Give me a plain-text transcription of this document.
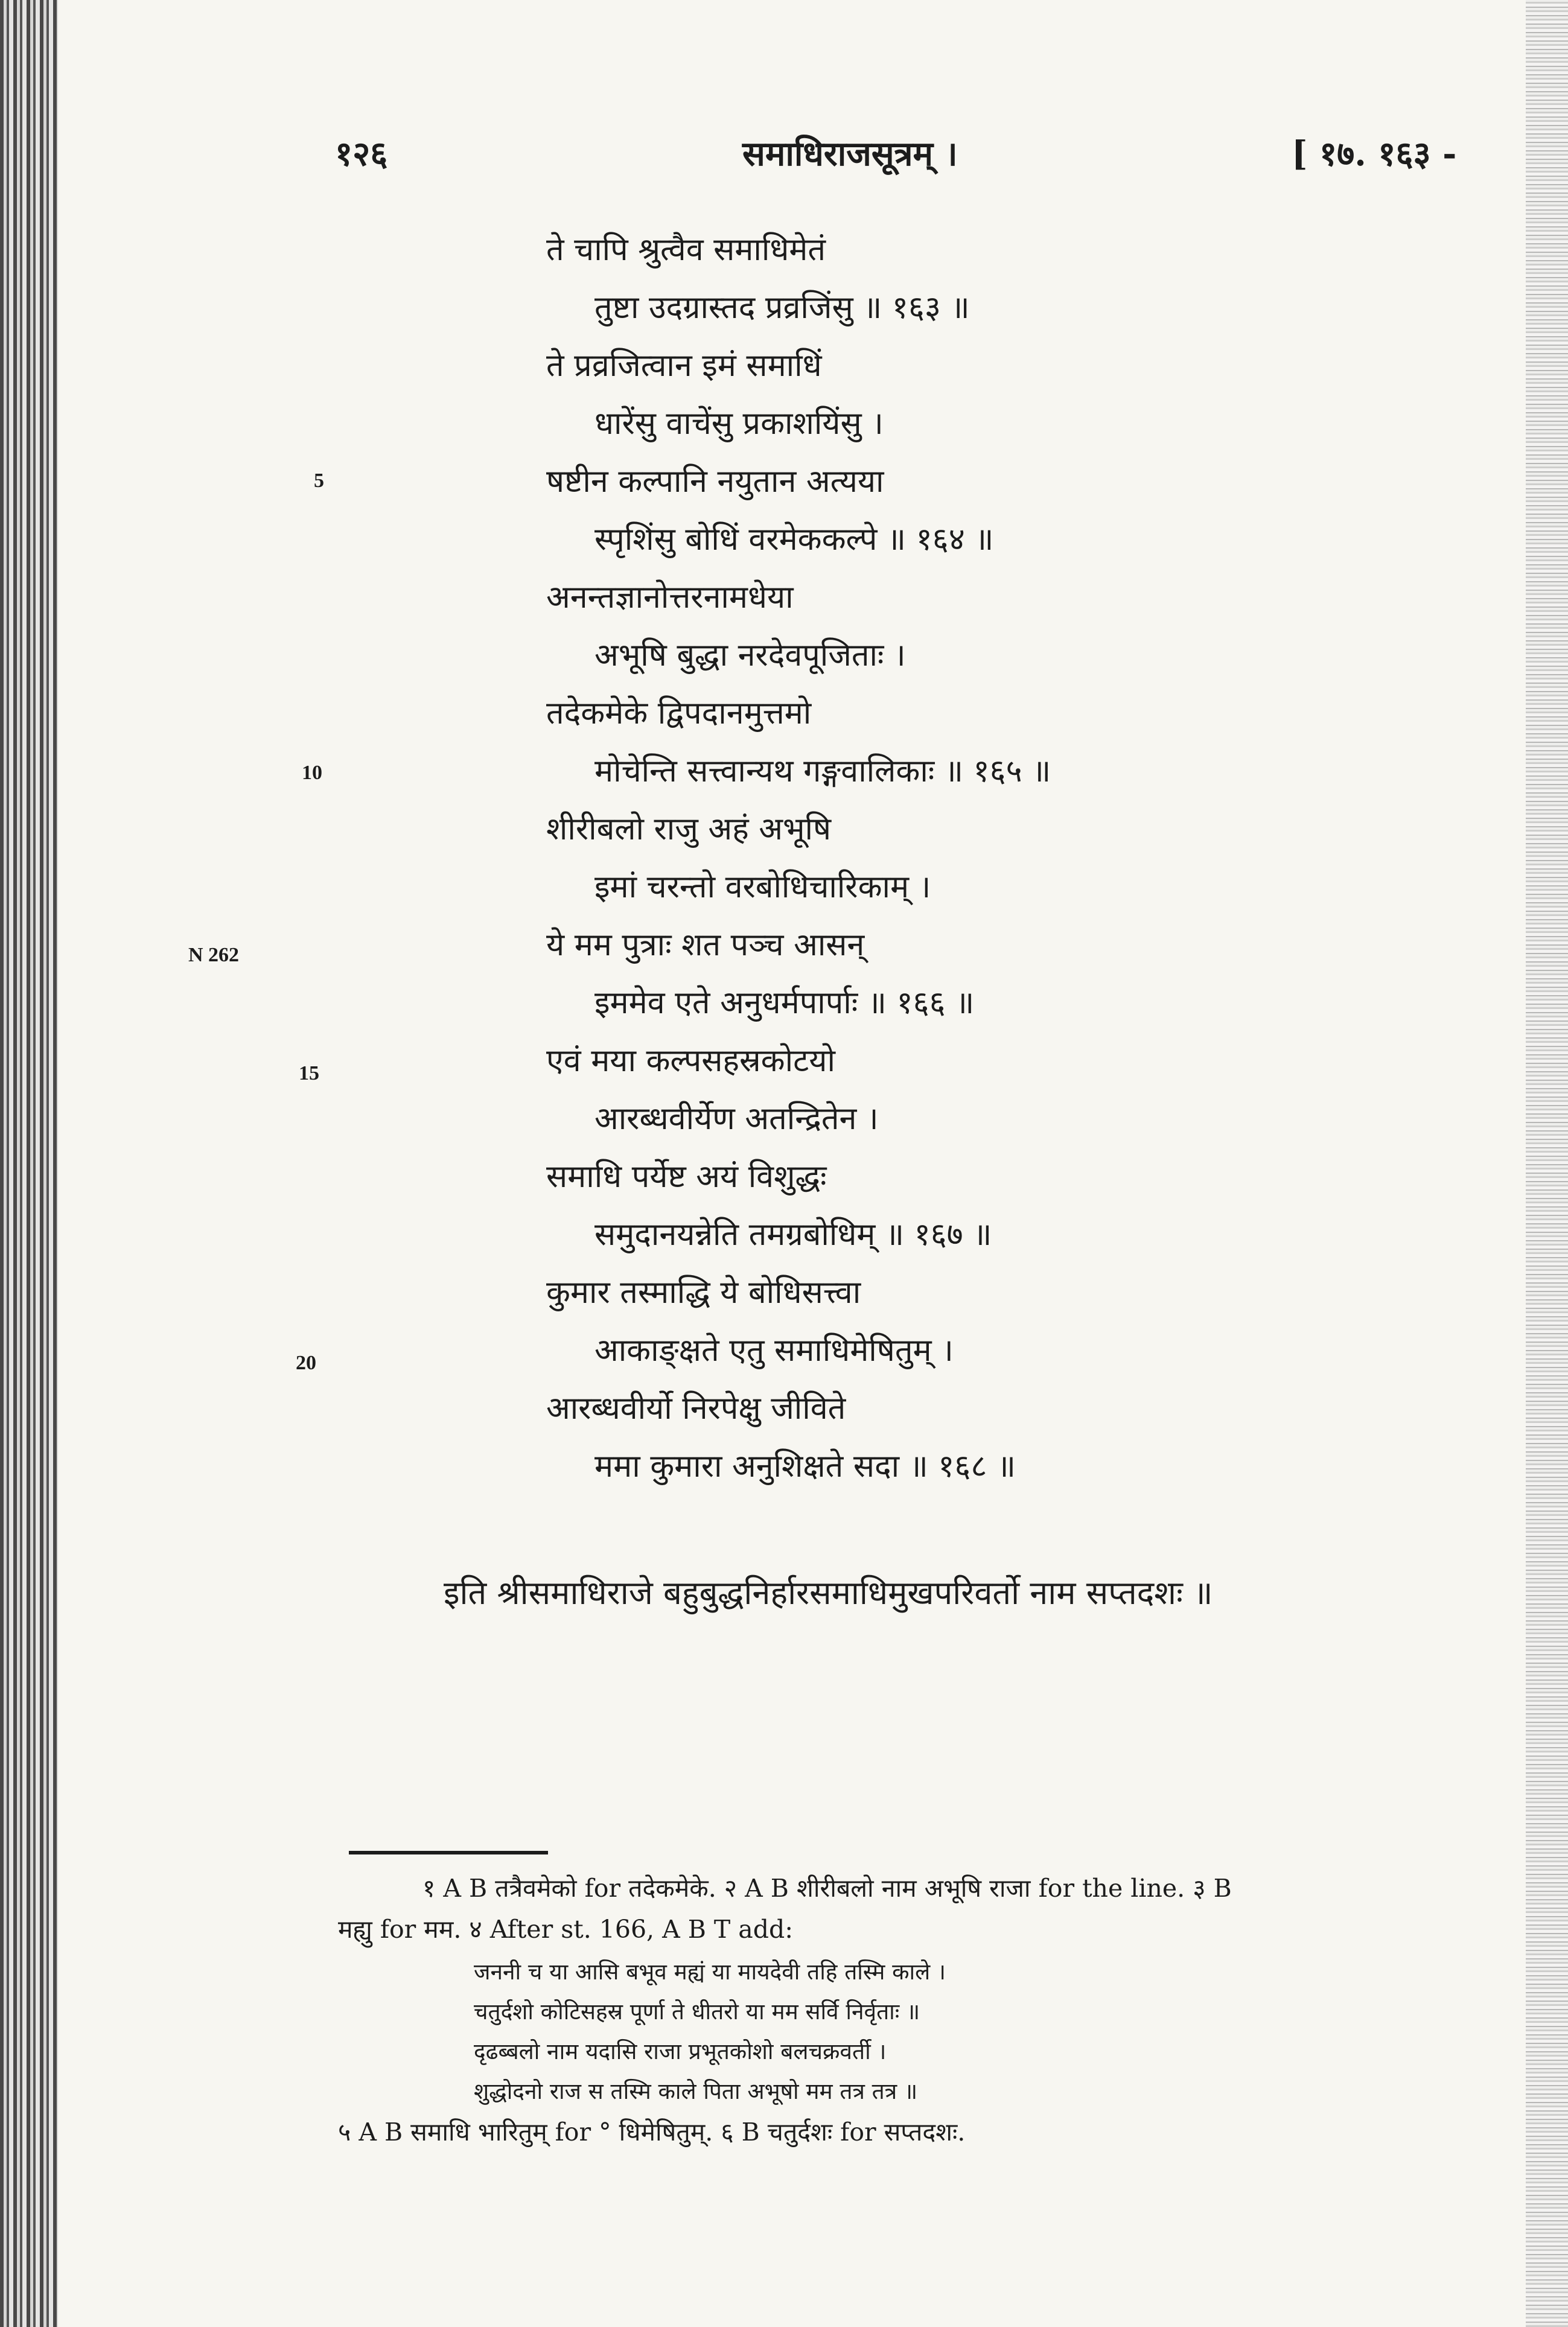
१२६	समाधिराजसूत्रम् ।	[ १७. १६३ -
ते चापि श्रुत्वैव समाधिमेतं
तुष्टा उदग्रास्तद प्रव्रजिंसु ॥ १६३ ॥
ते प्रव्रजित्वान इमं समाधिं
धारेंसु वाचेंसु प्रकाशयिंसु ।
षष्टीन कल्पानि नयुतान अत्यया
स्पृशिंसु बोधिं वरमेककल्पे ॥ १६४ ॥
अनन्तज्ञानोत्तरनामधेया
अभूषि बुद्धा नरदेवपूजिताः ।
तदेकमेके द्विपदानमुत्तमो
मोचेन्ति सत्त्वान्यथ गङ्गवालिकाः ॥ १६५ ॥
शीरीबलो राजु अहं अभूषि
इमां चरन्तो वरबोधिचारिकाम् ।
ये मम पुत्राः शत पञ्च आसन्
इममेव एते अनुधर्मपार्पाः ॥ १६६ ॥
एवं मया कल्पसहस्रकोटयो
आरब्धवीर्येण अतन्द्रितेन ।
समाधि पर्येष्ट अयं विशुद्धः
समुदानयन्नेति तमग्रबोधिम् ॥ १६७ ॥
कुमार तस्माद्धि ये बोधिसत्त्वा
आकाङ्क्षते एतु समाधिमेषितुम् ।
आरब्धवीर्यो निरपेक्षु जीविते
ममा कुमारा अनुशिक्षते सदा ॥ १६८ ॥
5
10
15
20
N 262
इति श्रीसमाधिराजे बहुबुद्धनिर्हारसमाधिमुखपरिवर्तो नाम सप्तदशः ॥
१ A B तत्रैवमेको for तदेकमेके. २ A B शीरीबलो नाम अभूषि राजा for the line. ३ B
मह्यु for मम. ४ After st. 166, A B T add:
जननी च या आसि बभूव मह्यं या मायदेवी तहि तस्मि काले ।
चतुर्दशो कोटिसहस्र पूर्णा ते धीतरो या मम सर्वि निर्वृताः ॥
दृढब्बलो नाम यदासि राजा प्रभूतकोशो बलचक्रवर्ती ।
शुद्धोदनो राज स तस्मि काले पिता अभूषो मम तत्र तत्र ॥
५ A B समाधि भारितुम् for ° धिमेषितुम्. ६ B चतुर्दशः for सप्तदशः.
